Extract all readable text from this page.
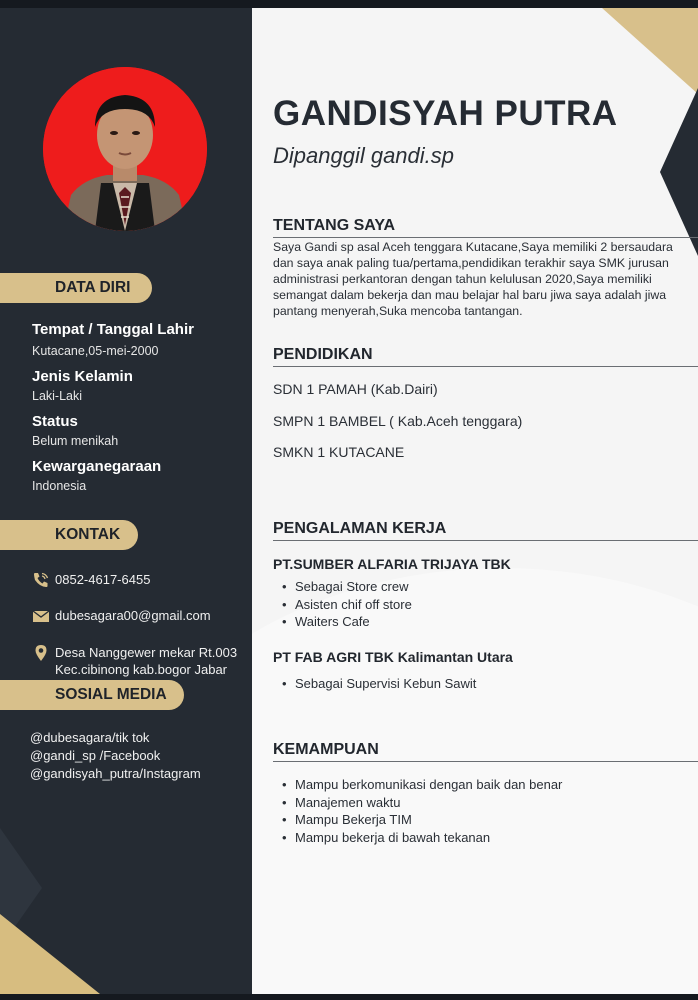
DATA DIRI
Tempat / Tanggal Lahir
Kutacane,05-mei-2000
Jenis Kelamin
Laki-Laki
Status
Belum menikah
Kewarganegaraan
Indonesia
KONTAK
0852-4617-6455
dubesagara00@gmail.com
Desa Nanggewer mekar Rt.003
Kec.cibinong kab.bogor Jabar
SOSIAL MEDIA
@dubesagara/tik tok
@gandi_sp /Facebook
@gandisyah_putra/Instagram
GANDISYAH PUTRA
Dipanggil gandi.sp
TENTANG SAYA
Saya Gandi sp asal Aceh tenggara Kutacane,Saya memiliki 2 bersaudara dan saya anak paling tua/pertama,pendidikan terakhir saya SMK jurusan administrasi perkantoran dengan tahun kelulusan 2020,Saya memiliki semangat dalam bekerja dan mau belajar hal baru jiwa saya adalah jiwa pantang menyerah,Suka mencoba tantangan.
PENDIDIKAN
SDN 1 PAMAH (Kab.Dairi)
SMPN 1 BAMBEL ( Kab.Aceh tenggara)
SMKN 1 KUTACANE
PENGALAMAN KERJA
PT.SUMBER ALFARIA TRIJAYA TBK
• Sebagai Store crew
• Asisten chif off store
• Waiters Cafe
PT FAB AGRI TBK Kalimantan Utara
• Sebagai Supervisi Kebun Sawit
KEMAMPUAN
• Mampu berkomunikasi dengan baik dan benar
• Manajemen waktu
• Mampu Bekerja TIM
• Mampu bekerja di bawah tekanan
